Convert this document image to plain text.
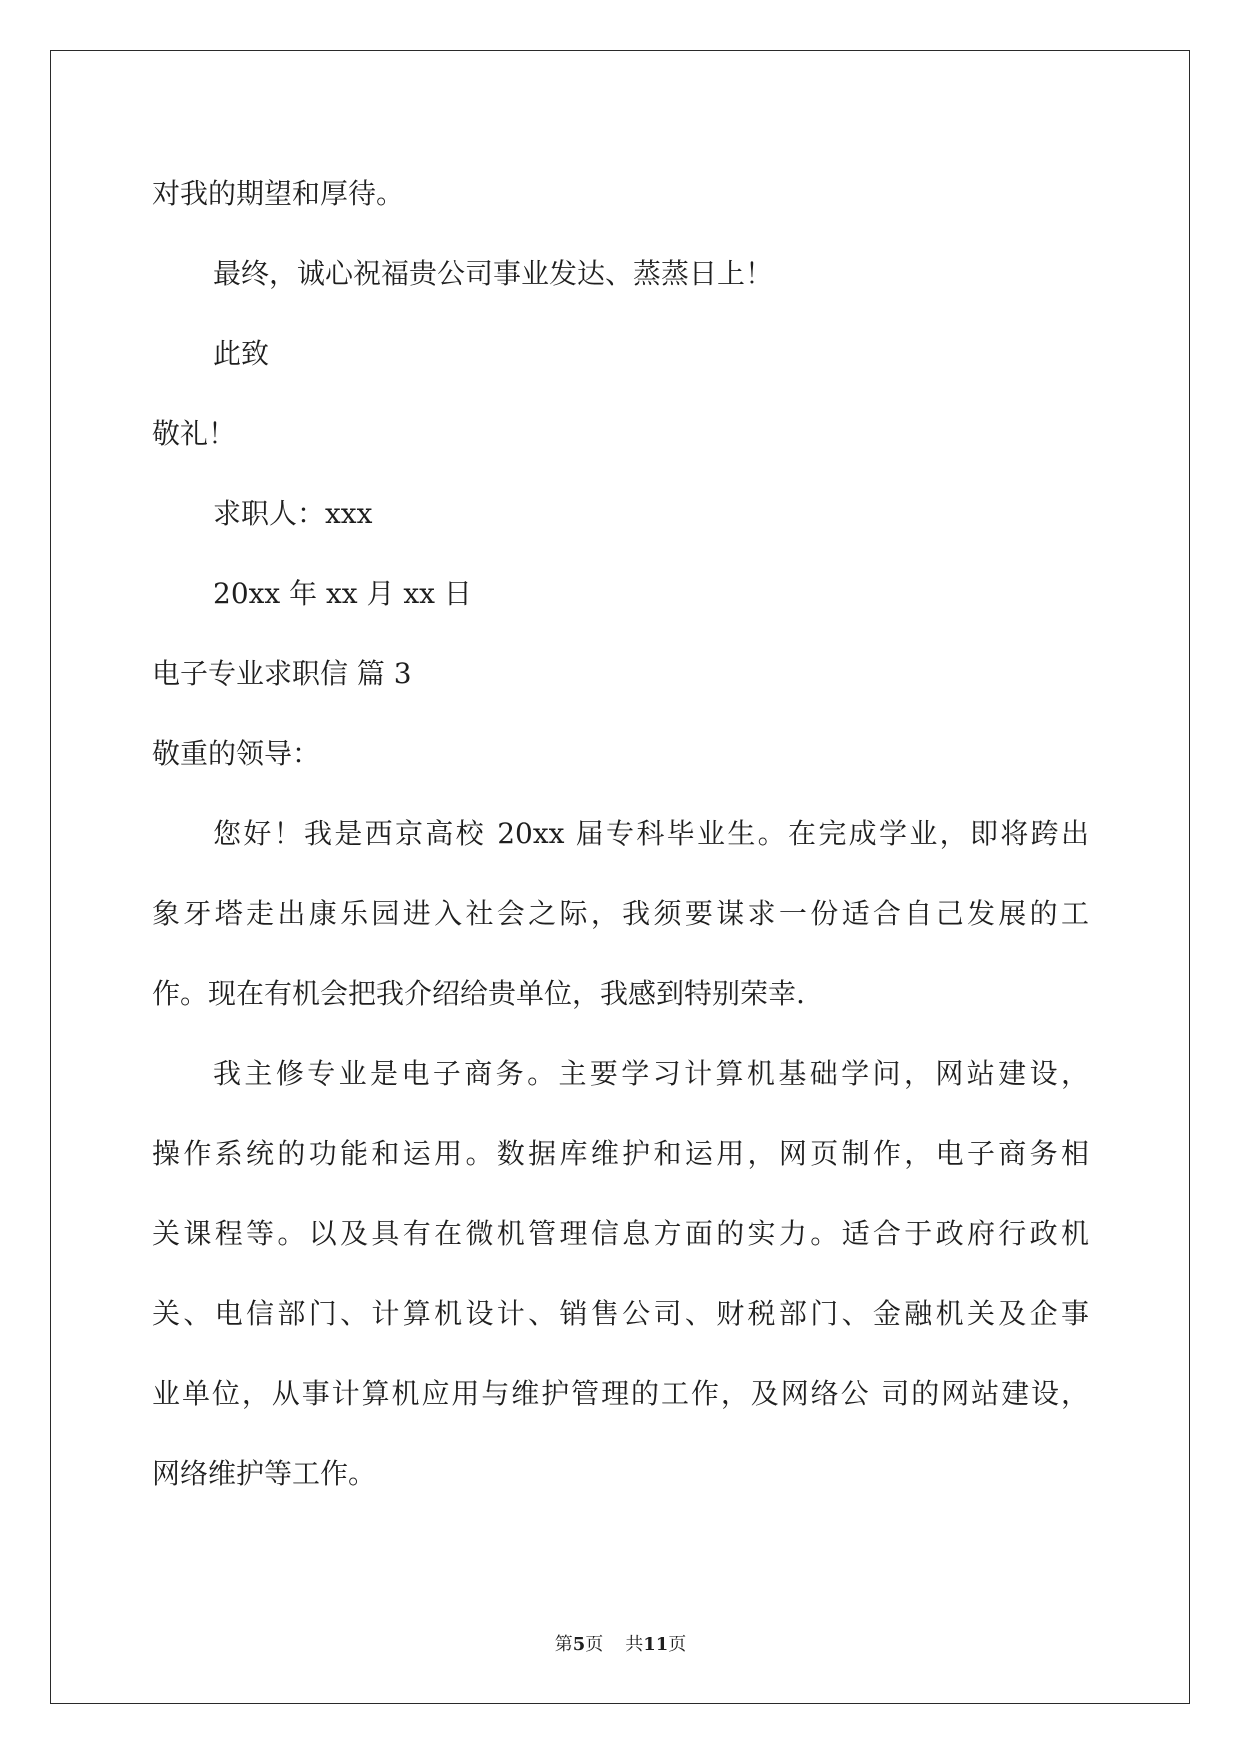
对我的期望和厚待。

最终，诚心祝福贵公司事业发达、蒸蒸日上！

此致

敬礼！

求职人：xxx

20xx 年 xx 月 xx 日

电子专业求职信 篇 3

敬重的领导：

您好！我是西京高校 20xx 届专科毕业生。在完成学业，即将跨出

象牙塔走出康乐园进入社会之际，我须要谋求一份适合自己发展的工

作。现在有机会把我介绍给贵单位，我感到特别荣幸.

我主修专业是电子商务。主要学习计算机基础学问，网站建设，

操作系统的功能和运用。数据库维护和运用，网页制作，电子商务相

关课程等。以及具有在微机管理信息方面的实力。适合于政府行政机

关、电信部门、计算机设计、销售公司、财税部门、金融机关及企事

业单位，从事计算机应用与维护管理的工作，及网络公 司的网站建设，

网络维护等工作。

第5页 共11页
